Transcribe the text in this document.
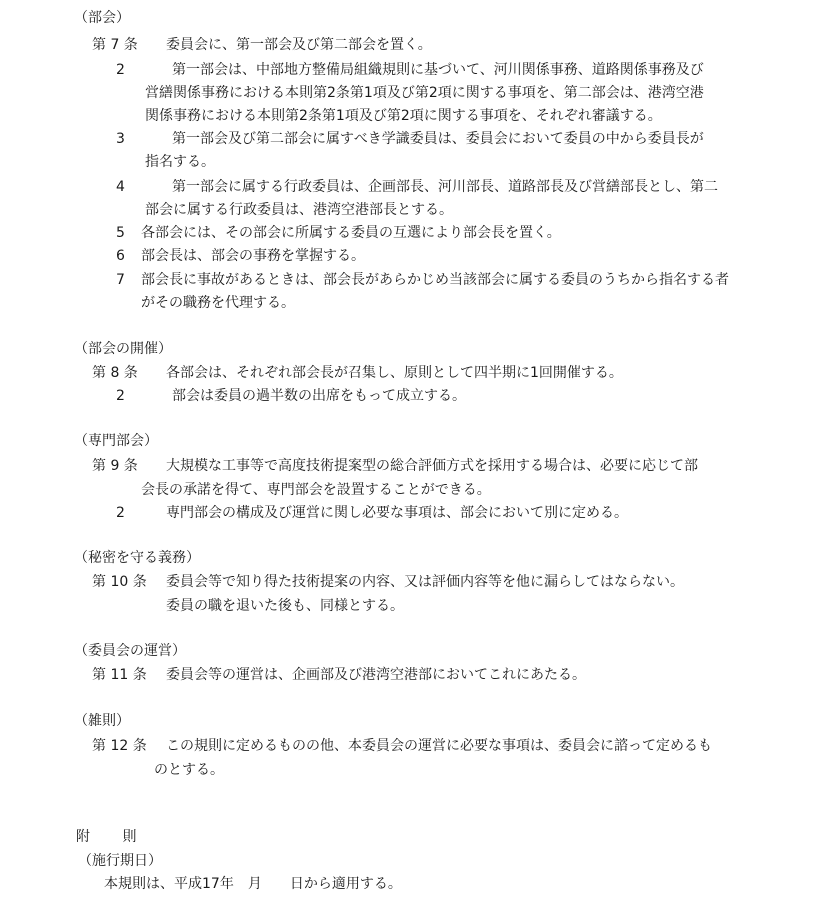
（部会）
第 7 条 委員会に、第一部会及び第二部会を置く。
2	第一部会は、中部地方整備局組織規則に基づいて、河川関係事務、道路関係事務及び
営繕関係事務における本則第2条第1項及び第2項に関する事項を、第二部会は、港湾空港
関係事務における本則第2条第1項及び第2項に関する事項を、それぞれ審議する。
3	第一部会及び第二部会に属すべき学識委員は、委員会において委員の中から委員長が
指名する。
4	第一部会に属する行政委員は、企画部長、河川部長、道路部長及び営繕部長とし、第二
部会に属する行政委員は、港湾空港部長とする。
5 各部会には、その部会に所属する委員の互選により部会長を置く。
6 部会長は、部会の事務を掌握する。
7 部会長に事故があるときは、部会長があらかじめ当該部会に属する委員のうちから指名する者
がその職務を代理する。
（部会の開催）
第 8 条 各部会は、それぞれ部会長が召集し、原則として四半期に1回開催する。
2	部会は委員の過半数の出席をもって成立する。
（専門部会）
第 9 条 大規模な工事等で高度技術提案型の総合評価方式を採用する場合は、必要に応じて部
会長の承諾を得て、専門部会を設置することができる。
2	専門部会の構成及び運営に関し必要な事項は、部会において別に定める。
（秘密を守る義務）
第 10 条 委員会等で知り得た技術提案の内容、又は評価内容等を他に漏らしてはならない。
委員の職を退いた後も、同様とする。
（委員会の運営）
第 11 条 委員会等の運営は、企画部及び港湾空港部においてこれにあたる。
（雑則）
第 12 条 この規則に定めるものの他、本委員会の運営に必要な事項は、委員会に諮って定めるも
のとする。
附 則
（施行期日）
本規則は、平成17年　月　　日から適用する。
